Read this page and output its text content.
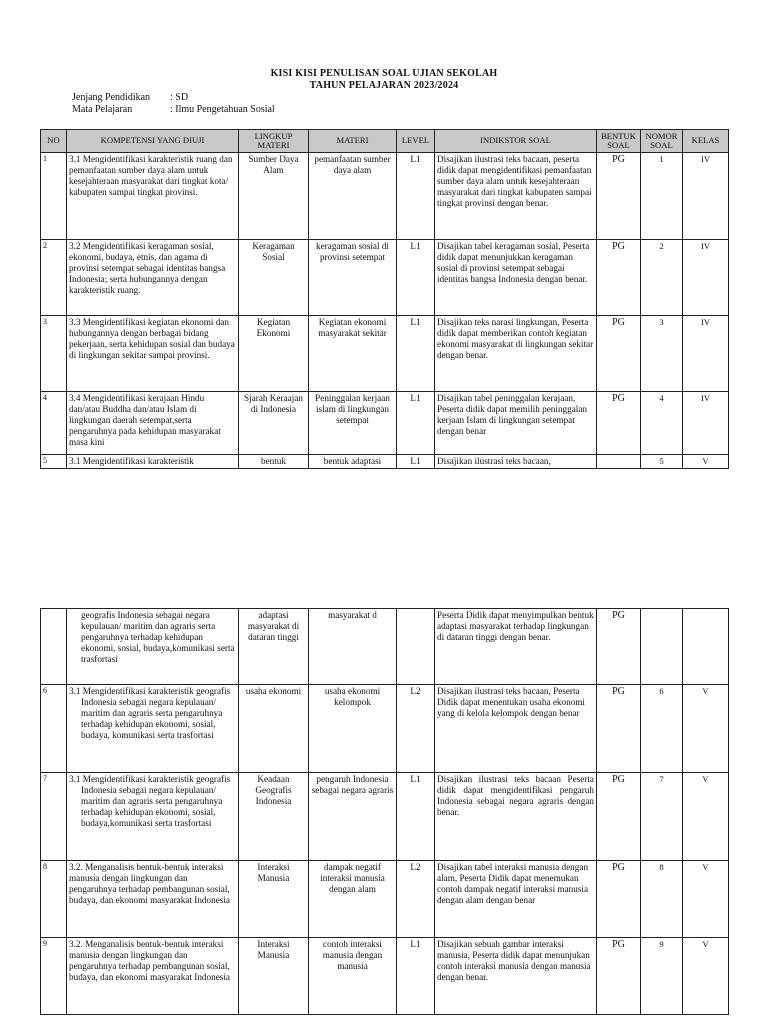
KISI KISI PENULISAN SOAL UJIAN SEKOLAH
TAHUN PELAJARAN 2023/2024
Jenjang Pendidikan : SD
Mata Pelajaran	: Ilmu Pengetahuan Sosial
NO	KOMPETENSI YANG DIUJI	LINGKUP MATERI	MATERI	LEVEL	INDIKSTOR SOAL	BENTUK SOAL	NOMOR SOAL	KELAS
1	3.1 Mengidentifikasi karakteristik ruang dan pemanfaatan sumber daya alam untuk kesejahteraan masyarakat dari tingkat kota/ kabupaten sampai tingkat provinsi.	Sumber Daya Alam	pemanfaatan sumber daya alam	L1	Disajikan ilustrasi teks bacaan, peserta didik dapat mengidentifikasi pemanfaatan sumber daya alam untuk kesejahteraan masyarakat dari tingkat kabupaten sampai tingkat provinsi dengan benar.	PG	1	IV
2	3.2 Mengidentifikasi keragaman sosial, ekonomi, budaya, etnis, dan agama di provinsi setempat sebagai identitas bangsa Indonesia; serta hubungannya dengan karakteristik ruang.	Keragaman Sosial	keragaman sosial di provinsi setempat	L1	Disajikan tabel keragaman sosial, Peserta didik dapat menunjukkan keragaman sosial di provinsi setempat sebagai identitas bangsa Indonesia dengan benar.	PG	2	IV
3	3.3 Mengidentifikasi kegiatan ekonomi dan hubungannya dengan berbagai bidang pekerjaan, serta kehidupan sosial dan budaya di lingkungan sekitar sampai provinsi.	Kegiatan Ekonomi	Kegiatan ekonomi masyarakat sekitar	L1	Disajikan teks narasi lingkungan, Peserta didik dapat memberikan contoh kegiatan ekonomi masyarakat di lingkungan sekitar dengan benar.	PG	3	IV
4	3.4 Mengidentifikasi kerajaan Hindu dan/atau Buddha dan/atau Islam di lingkungan daerah setempat,serta pengaruhnya pada kehidupan masyarakat masa kini	Sjarah Keraajan di Indonesia	Peninggalan kerjaan islam di lingkungan setempat	L1	Disajikan tabel peninggalan kerajaan, Peserta didik dapat memilih peninggalan kerjaan Islam di lingkungan setempat dengan benar	PG	4	IV
5	3.1 Mengidentifikasi karakteristik	bentuk	bentuk adaptasi	L1	Disajikan ilustrasi teks bacaan,		5	V
	geografis Indonesia sebagai negara kepulauan/ maritim dan agraris serta pengaruhnya terhadap kehidupan ekonomi, sosial, budaya,komunikasi serta trasfortasi	adaptasi masyarakat di dataran tinggi	masyarakat d		Peserta Didik dapat menyimpulkan bentuk adaptasi masyarakat terhadap lingkungan di dataran tinggi dengan benar.	PG		
6	3.1 Mengidentifikasi karakteristik geografis Indonesia sebagai negara kepulauan/ maritim dan agraris serta pengaruhnya terhadap kehidupan ekonomi, sosial, budaya, komunikasi serta trasfortasi	usaha ekonomi	usaha ekonomi kelompok	L2	Disajikan ilustrasi teks bacaan, Peserta Didik dapat menentukan usaha ekonomi yang di kelola kelompok dengan benar	PG	6	V
7	3.1 Mengidentifikasi karakteristik geografis Indonesia sebagai negara kepulauan/ maritim dan agraris serta pengaruhnya terhadap kehidupan ekonomi, sosial, budaya,komunikasi serta trasfortasi	Keadaan Geografis Indonesia	pengaruh Indonesia sebagai negara agraris	L1	Disajikan ilustrasi teks bacaan Peserta didik dapat mengidentifikasi pengaruh Indonesia sebagai negara agraris dengan benar.	PG	7	V
8	3.2. Menganalisis bentuk-bentuk interaksi manusia dengan lingkungan dan pengaruhnya terhadap pembangunan sosial, budaya, dan ekonomi masyarakat Indonesia	Interaksi Manusia	dampak negatif interaksi manusia dengan alam	L2	Disajikan tabel interaksi manusia dengan alam, Peserta Didik dapat menemukan contoh dampak negatif interaksi manusia dengan alam dengan benar	PG	8	V
9	3.2. Menganalisis bentuk-bentuk interaksi manusia dengan lingkungan dan pengaruhnya terhadap pembangunan sosial, budaya, dan ekonomi masyarakat Indonesia	Interaksi Manusia	contoh interaksi manusia dengan manusia	L1	Disajikan sebuah gambar interaksi manusia, Peserta didik dapat menunjukan contoh interaksi manusia dengan manusia dengan benar.	PG	9	V
